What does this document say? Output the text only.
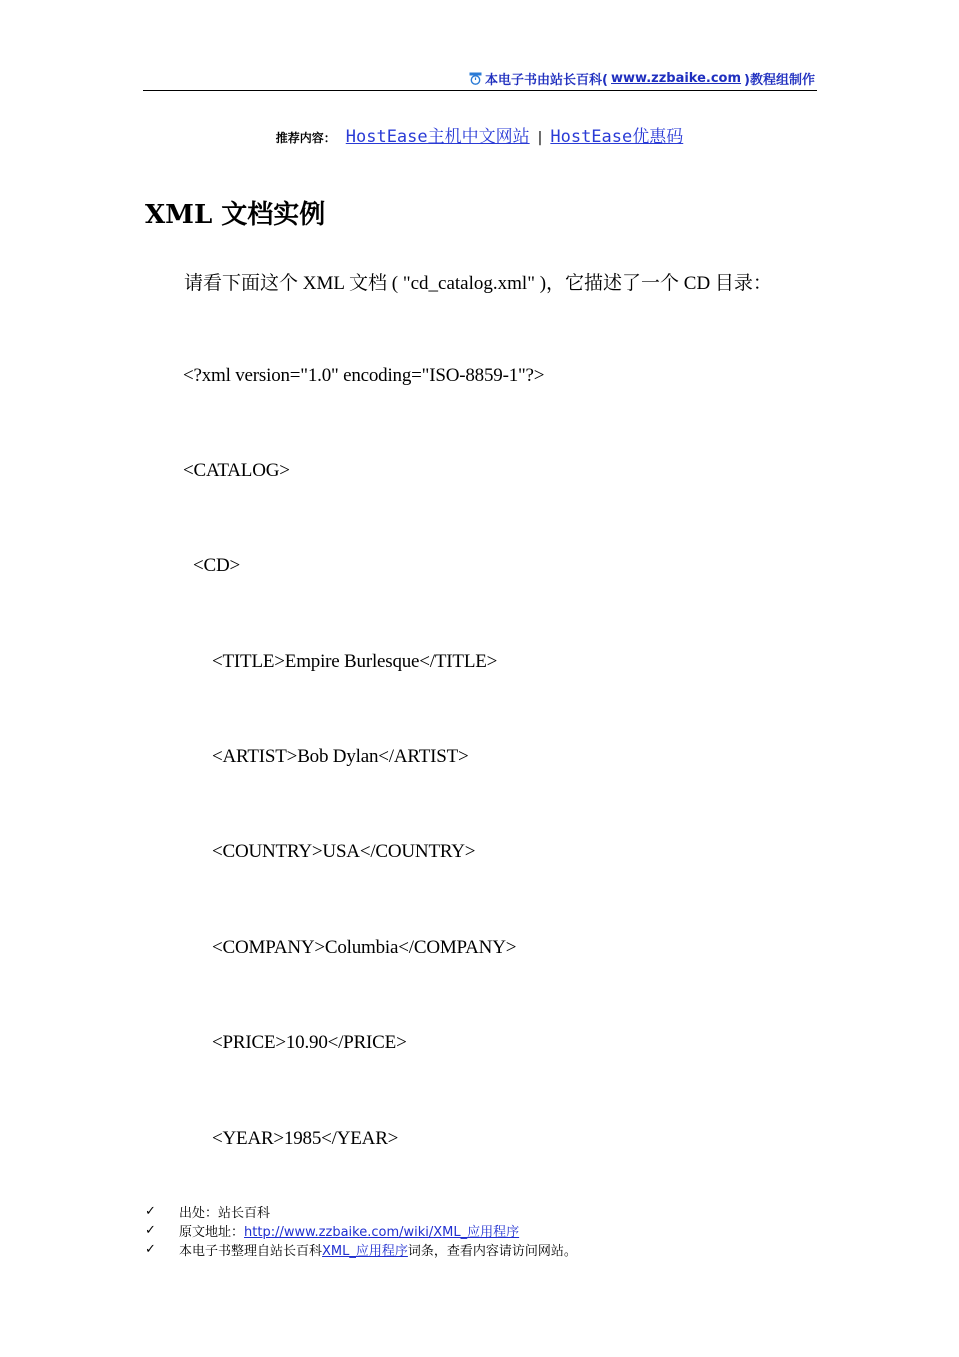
本电子书由站长百科( www.zzbaike.com )教程组制作
推荐内容： HostEase主机中文网站 | HostEase优惠码
XML 文档实例
请看下面这个 XML 文档 ( "cd_catalog.xml" )，它描述了一个 CD 目录：
<?xml version="1.0" encoding="ISO-8859-1"?>
<CATALOG>
<CD>
<TITLE>Empire Burlesque</TITLE>
<ARTIST>Bob Dylan</ARTIST>
<COUNTRY>USA</COUNTRY>
<COMPANY>Columbia</COMPANY>
<PRICE>10.90</PRICE>
<YEAR>1985</YEAR>
✓	出处： 站长百科
✓	原文地址： http://www.zzbaike.com/wiki/XML_应用程序
✓	本电子书整理自站长百科 XML_应用程序 词条，查看内容请访问网站。
